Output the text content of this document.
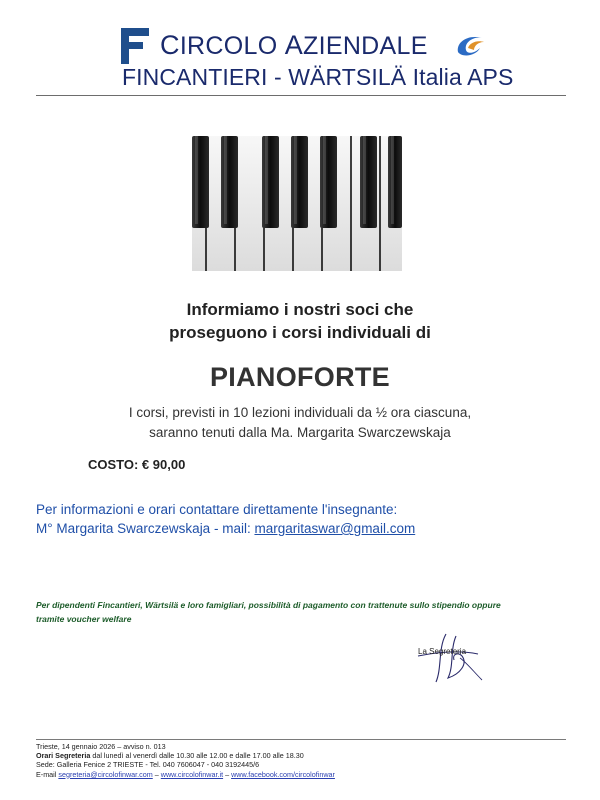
CIRCOLO AZIENDALE
FINCANTIERI - WÄRTSILÄ Italia APS
Informiamo i nostri soci che
proseguono i corsi individuali di
PIANOFORTE
I corsi, previsti in 10 lezioni individuali da ½ ora ciascuna,
saranno tenuti dalla Ma. Margarita Swarczewskaja
COSTO: € 90,00
Per informazioni e orari contattare direttamente l'insegnante:
M° Margarita Swarczewskaja - mail: margaritaswar@gmail.com
Per dipendenti Fincantieri, Wärtsilä e loro famigliari, possibilità di pagamento con trattenute sullo stipendio oppure
tramite voucher welfare
La Segreteria
Trieste, 14 gennaio 2026 – avviso n. 013
Orari Segreteria dal lunedì al venerdì dalle 10.30 alle 12.00 e dalle 17.00 alle 18.30
Sede: Galleria Fenice 2 TRIESTE - Tel. 040 7606047 - 040 3192445/6
E-mail segreteria@circolofinwar.com – www.circolofinwar.it – www.facebook.com/circolofinwar
